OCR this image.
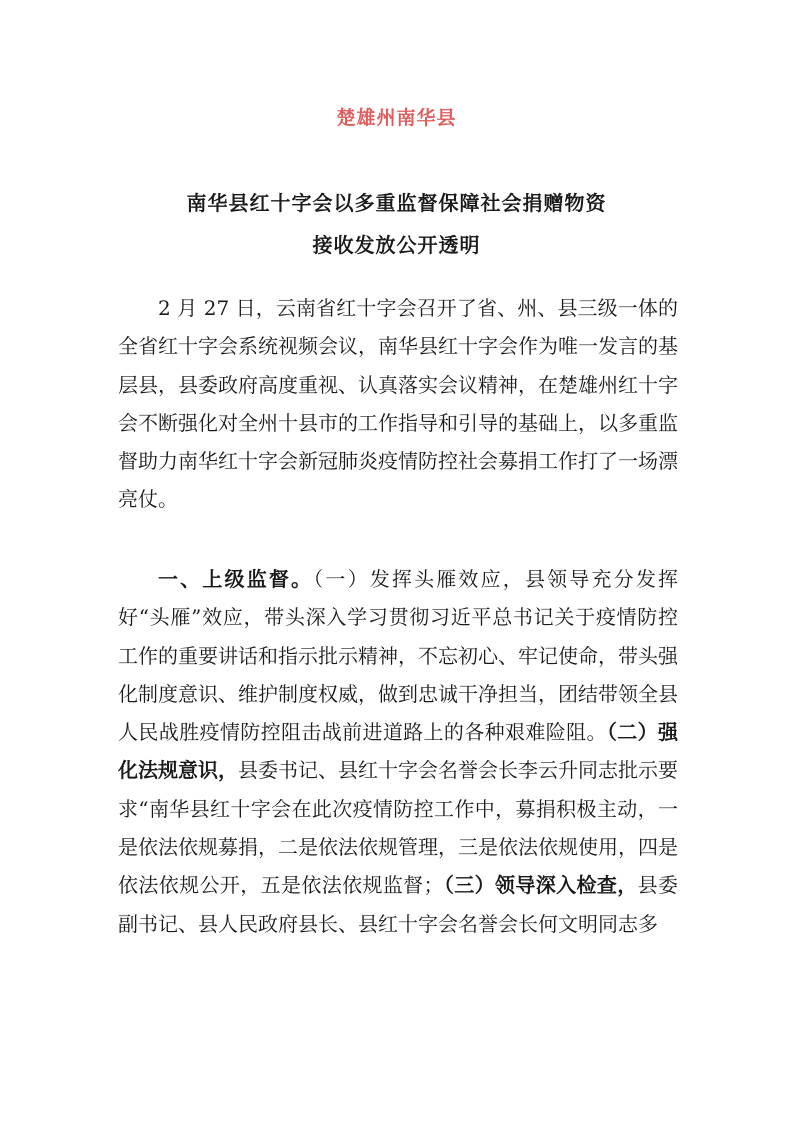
楚雄州南华县
南华县红十字会以多重监督保障社会捐赠物资
接收发放公开透明

2 月 27 日，云南省红十字会召开了省、州、县三级一体的全省红十字会系统视频会议，南华县红十字会作为唯一发言的基层县，县委政府高度重视、认真落实会议精神，在楚雄州红十字会不断强化对全州十县市的工作指导和引导的基础上，以多重监督助力南华红十字会新冠肺炎疫情防控社会募捐工作打了一场漂亮仗。

一、上级监督。（一）发挥头雁效应，县领导充分发挥好“头雁”效应，带头深入学习贯彻习近平总书记关于疫情防控工作的重要讲话和指示批示精神，不忘初心、牢记使命，带头强化制度意识、维护制度权威，做到忠诚干净担当，团结带领全县人民战胜疫情防控阻击战前进道路上的各种艰难险阻。（二）强化法规意识，县委书记、县红十字会名誉会长李云升同志批示要求“南华县红十字会在此次疫情防控工作中，募捐积极主动，一是依法依规募捐，二是依法依规管理，三是依法依规使用，四是依法依规公开，五是依法依规监督；（三）领导深入检查，县委副书记、县人民政府县长、县红十字会名誉会长何文明同志多
